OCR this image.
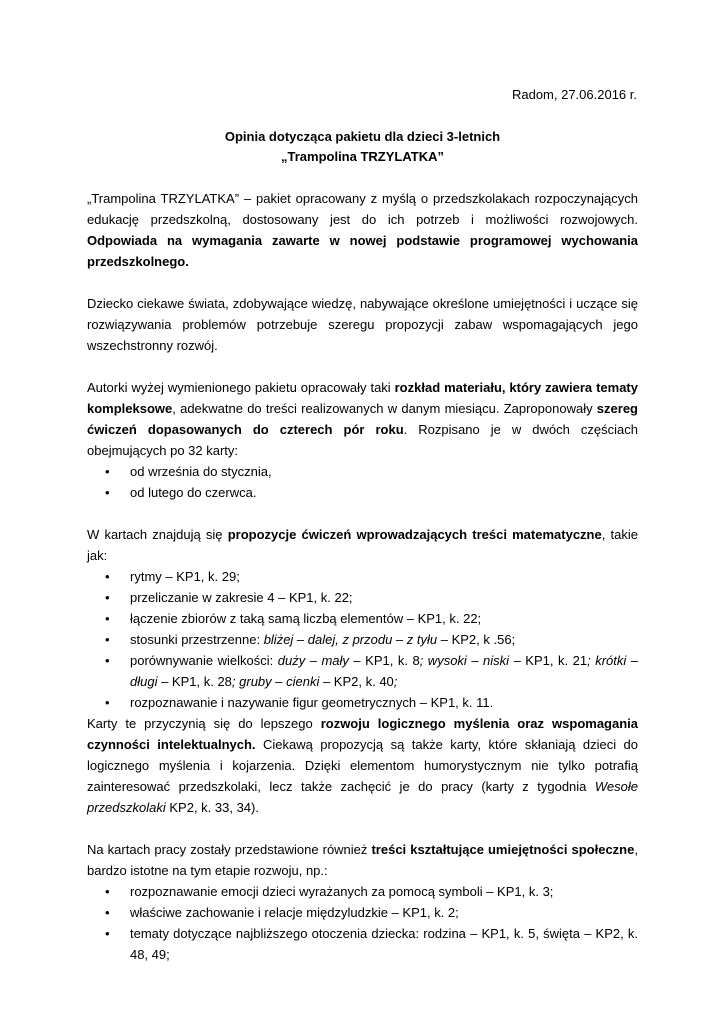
Radom, 27.06.2016 r.
Opinia dotycząca pakietu dla dzieci 3-letnich
„Trampolina TRZYLATKA”

„Trampolina TRZYLATKA” – pakiet opracowany z myślą o przedszkolakach rozpoczynających edukację przedszkolną, dostosowany jest do ich potrzeb i możliwości rozwojowych. Odpowiada na wymagania zawarte w nowej podstawie programowej wychowania przedszkolnego.

Dziecko ciekawe świata, zdobywające wiedzę, nabywające określone umiejętności i uczące się rozwiązywania problemów potrzebuje szeregu propozycji zabaw wspomagających jego wszechstronny rozwój.

Autorki wyżej wymienionego pakietu opracowały taki rozkład materiału, który zawiera tematy kompleksowe, adekwatne do treści realizowanych w danym miesiącu. Zaproponowały szereg ćwiczeń dopasowanych do czterech pór roku. Rozpisano je w dwóch częściach obejmujących po 32 karty:

• od września do stycznia,
• od lutego do czerwca.

W kartach znajdują się propozycje ćwiczeń wprowadzających treści matematyczne, takie jak:

• rytmy – KP1, k. 29;
• przeliczanie w zakresie 4 – KP1, k. 22;
• łączenie zbiorów z taką samą liczbą elementów – KP1, k. 22;
• stosunki przestrzenne: bliżej – dalej, z przodu – z tyłu – KP2, k .56;
• porównywanie wielkości: duży – mały – KP1, k. 8; wysoki – niski – KP1, k. 21; krótki – długi – KP1, k. 28; gruby – cienki – KP2, k. 40;
• rozpoznawanie i nazywanie figur geometrycznych – KP1, k. 11.

Karty te przyczynią się do lepszego rozwoju logicznego myślenia oraz wspomagania czynności intelektualnych. Ciekawą propozycją są także karty, które skłaniają dzieci do logicznego myślenia i kojarzenia. Dzięki elementom humorystycznym nie tylko potrafią zainteresować przedszkolaki, lecz także zachęcić je do pracy (karty z tygodnia Wesołe przedszkolaki KP2, k. 33, 34).

Na kartach pracy zostały przedstawione również treści kształtujące umiejętności społeczne, bardzo istotne na tym etapie rozwoju, np.:

• rozpoznawanie emocji dzieci wyrażanych za pomocą symboli – KP1, k. 3;
• właściwe zachowanie i relacje międzyludzkie – KP1, k. 2;
• tematy dotyczące najbliższego otoczenia dziecka: rodzina – KP1, k. 5, święta – KP2, k. 48, 49;
